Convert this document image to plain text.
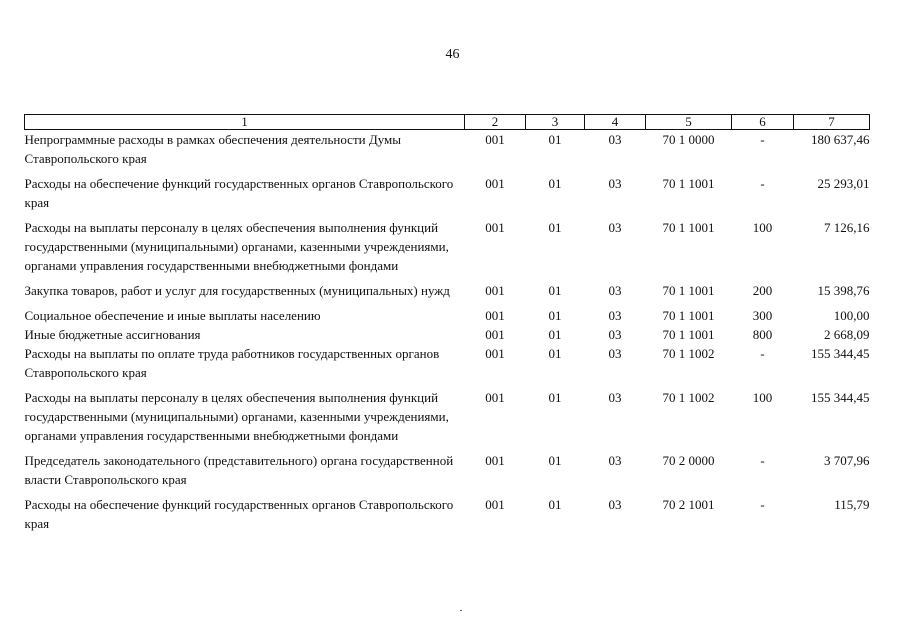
46
1	2	3	4	5	6	7
Непрограммные расходы в рамках обеспечения деятельности Думы Ставропольского края	001	01	03	70 1 0000	-	180 637,46
Расходы на обеспечение функций государственных органов Ставропольского края	001	01	03	70 1 1001	-	25 293,01
Расходы на выплаты персоналу в целях обеспечения выполнения функций государственными (муниципальными) органами, казенными учреждениями, органами управления государственными внебюджетными фондами	001	01	03	70 1 1001	100	7 126,16
Закупка товаров, работ и услуг для государственных (муниципальных) нужд	001	01	03	70 1 1001	200	15 398,76
Социальное обеспечение и иные выплаты населению	001	01	03	70 1 1001	300	100,00
Иные бюджетные ассигнования	001	01	03	70 1 1001	800	2 668,09
Расходы на выплаты по оплате труда работников государственных органов Ставропольского края	001	01	03	70 1 1002	-	155 344,45
Расходы на выплаты персоналу в целях обеспечения выполнения функций государственными (муниципальными) органами, казенными учреждениями, органами управления государственными внебюджетными фондами	001	01	03	70 1 1002	100	155 344,45
Председатель законодательного (представительного) органа государственной власти Ставропольского края	001	01	03	70 2 0000	-	3 707,96
Расходы на обеспечение функций государственных органов Ставропольского края	001	01	03	70 2 1001	-	115,79
